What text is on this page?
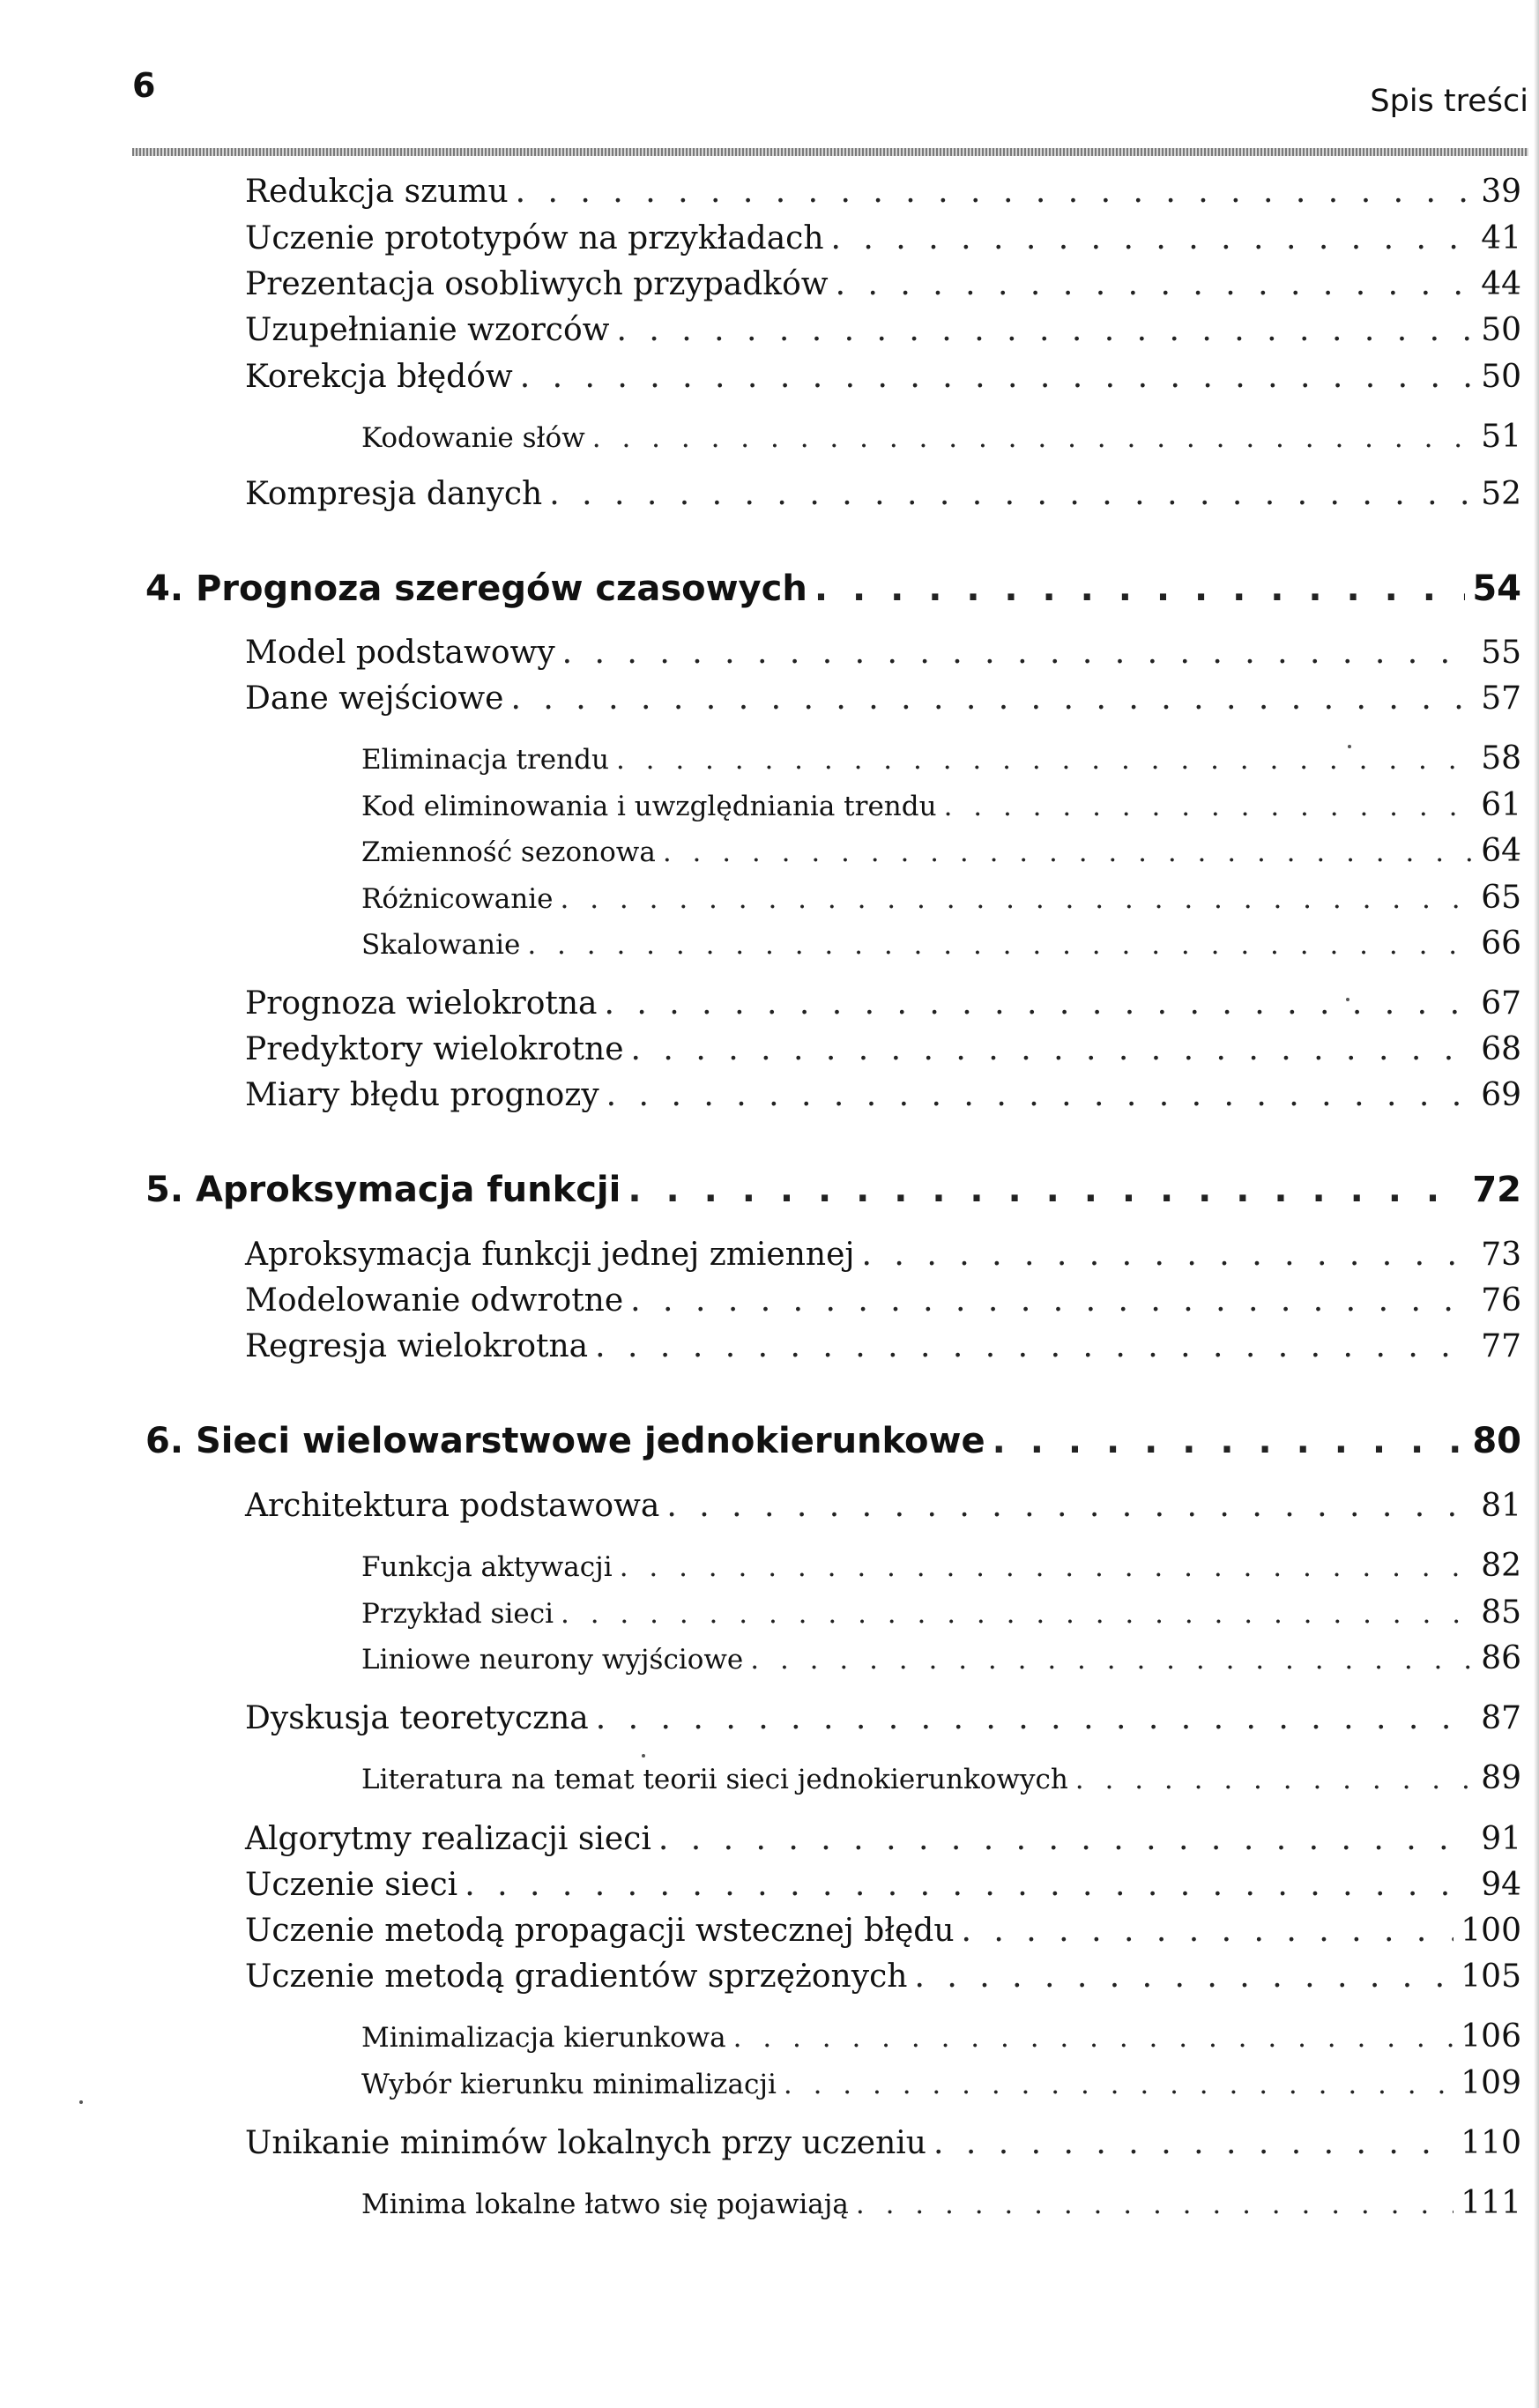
6	Spis treści
Redukcja szumu . . .	39
Uczenie prototypów na przykładach . . .	41
Prezentacja osobliwych przypadków . . .	44
Uzupełnianie wzorców . . .	50
Korekcja błędów . . .	50
Kodowanie słów . . .	51
Kompresja danych . . .	52
4. Prognoza szeregów czasowych . . .	54
Model podstawowy . . .	55
Dane wejściowe . . .	57
Eliminacja trendu . . .	58
Kod eliminowania i uwzględniania trendu . . .	61
Zmienność sezonowa . . .	64
Różnicowanie . . .	65
Skalowanie . . .	66
Prognoza wielokrotna . . .	67
Predyktory wielokrotne . . .	68
Miary błędu prognozy . . .	69
5. Aproksymacja funkcji . . .	72
Aproksymacja funkcji jednej zmiennej . . .	73
Modelowanie odwrotne . . .	76
Regresja wielokrotna . . .	77
6. Sieci wielowarstwowe jednokierunkowe . . .	80
Architektura podstawowa . . .	81
Funkcja aktywacji . . .	82
Przykład sieci . . .	85
Liniowe neurony wyjściowe . . .	86
Dyskusja teoretyczna . . .	87
Literatura na temat teorii sieci jednokierunkowych . . .	89
Algorytmy realizacji sieci . . .	91
Uczenie sieci . . .	94
Uczenie metodą propagacji wstecznej błędu . . .	100
Uczenie metodą gradientów sprzężonych . . .	105
Minimalizacja kierunkowa . . .	106
Wybór kierunku minimalizacji . . .	109
Unikanie minimów lokalnych przy uczeniu . . .	110
Minima lokalne łatwo się pojawiają . . .	111
